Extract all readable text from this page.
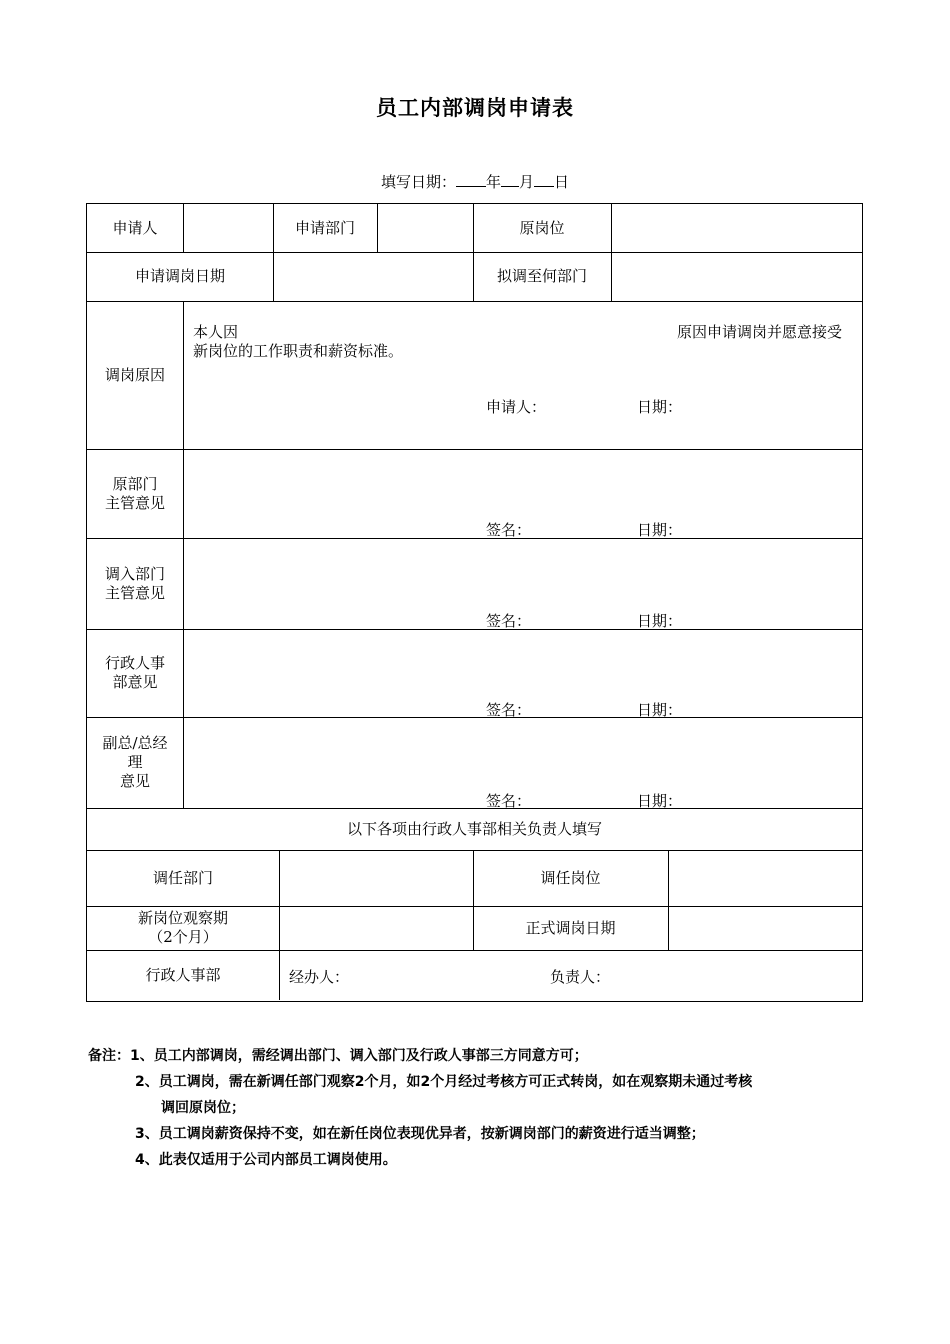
员工内部调岗申请表
填写日期： 年 月 日
申请人	申请部门	原岗位
申请调岗日期	拟调至何部门
调岗原因
本人因	原因申请调岗并愿意接受
新岗位的工作职责和薪资标准。
申请人：	日期：
原部门
主管意见
签名：	日期：
调入部门
主管意见
签名：	日期：
行政人事
部意见
签名：	日期：
副总/总经
理
意见
签名：	日期：
以下各项由行政人事部相关负责人填写
调任部门	调任岗位
新岗位观察期
（2个月）
正式调岗日期
行政人事部	经办人：	负责人：
备注：1、员工内部调岗，需经调出部门、调入部门及行政人事部三方同意方可；
2、员工调岗，需在新调任部门观察2个月，如2个月经过考核方可正式转岗，如在观察期未通过考核
调回原岗位；
3、员工调岗薪资保持不变，如在新任岗位表现优异者，按新调岗部门的薪资进行适当调整；
4、此表仅适用于公司内部员工调岗使用。
